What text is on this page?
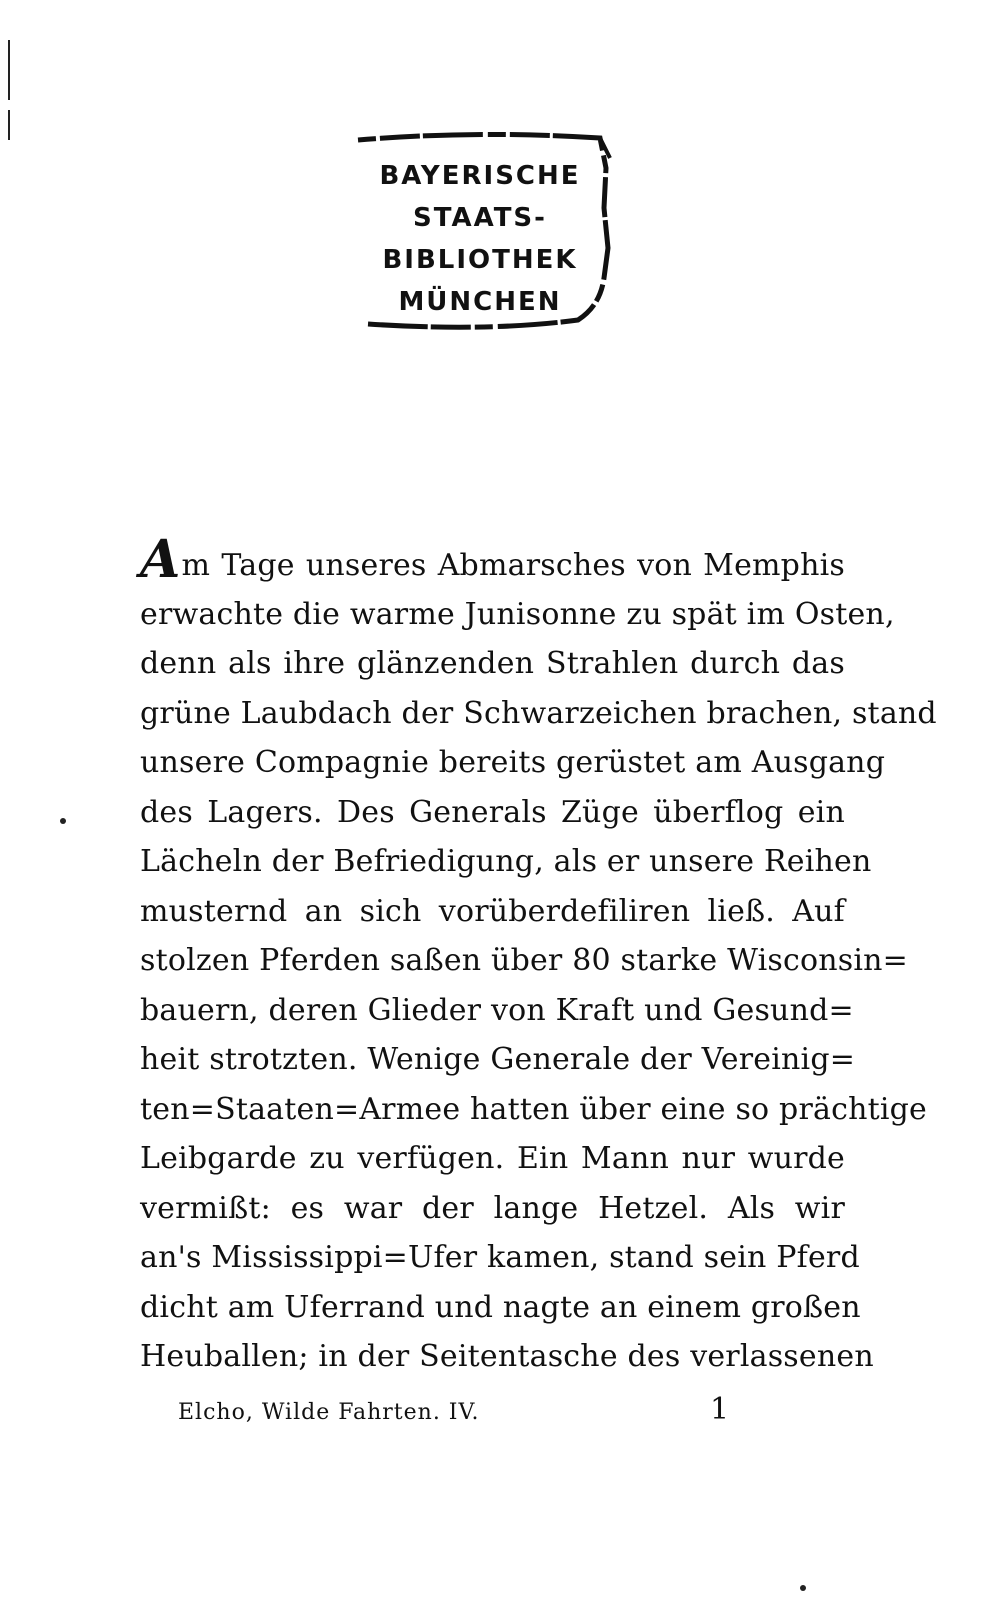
BAYERISCHE
STAATS-
BIBLIOTHEK
MÜNCHEN
Am Tage unseres Abmarsches von Memphis
erwachte die warme Junisonne zu spät im Osten,
denn als ihre glänzenden Strahlen durch das
grüne Laubdach der Schwarzeichen brachen, stand
unsere Compagnie bereits gerüstet am Ausgang
des Lagers. Des Generals Züge überflog ein
Lächeln der Befriedigung, als er unsere Reihen
musternd an sich vorüberdefiliren ließ. Auf
stolzen Pferden saßen über 80 starke Wisconsin=
bauern, deren Glieder von Kraft und Gesund=
heit strotzten. Wenige Generale der Vereinig=
ten=Staaten=Armee hatten über eine so prächtige
Leibgarde zu verfügen. Ein Mann nur wurde
vermißt: es war der lange Hetzel. Als wir
an's Mississippi=Ufer kamen, stand sein Pferd
dicht am Uferrand und nagte an einem großen
Heuballen; in der Seitentasche des verlassenen
Elcho, Wilde Fahrten. IV.	1
